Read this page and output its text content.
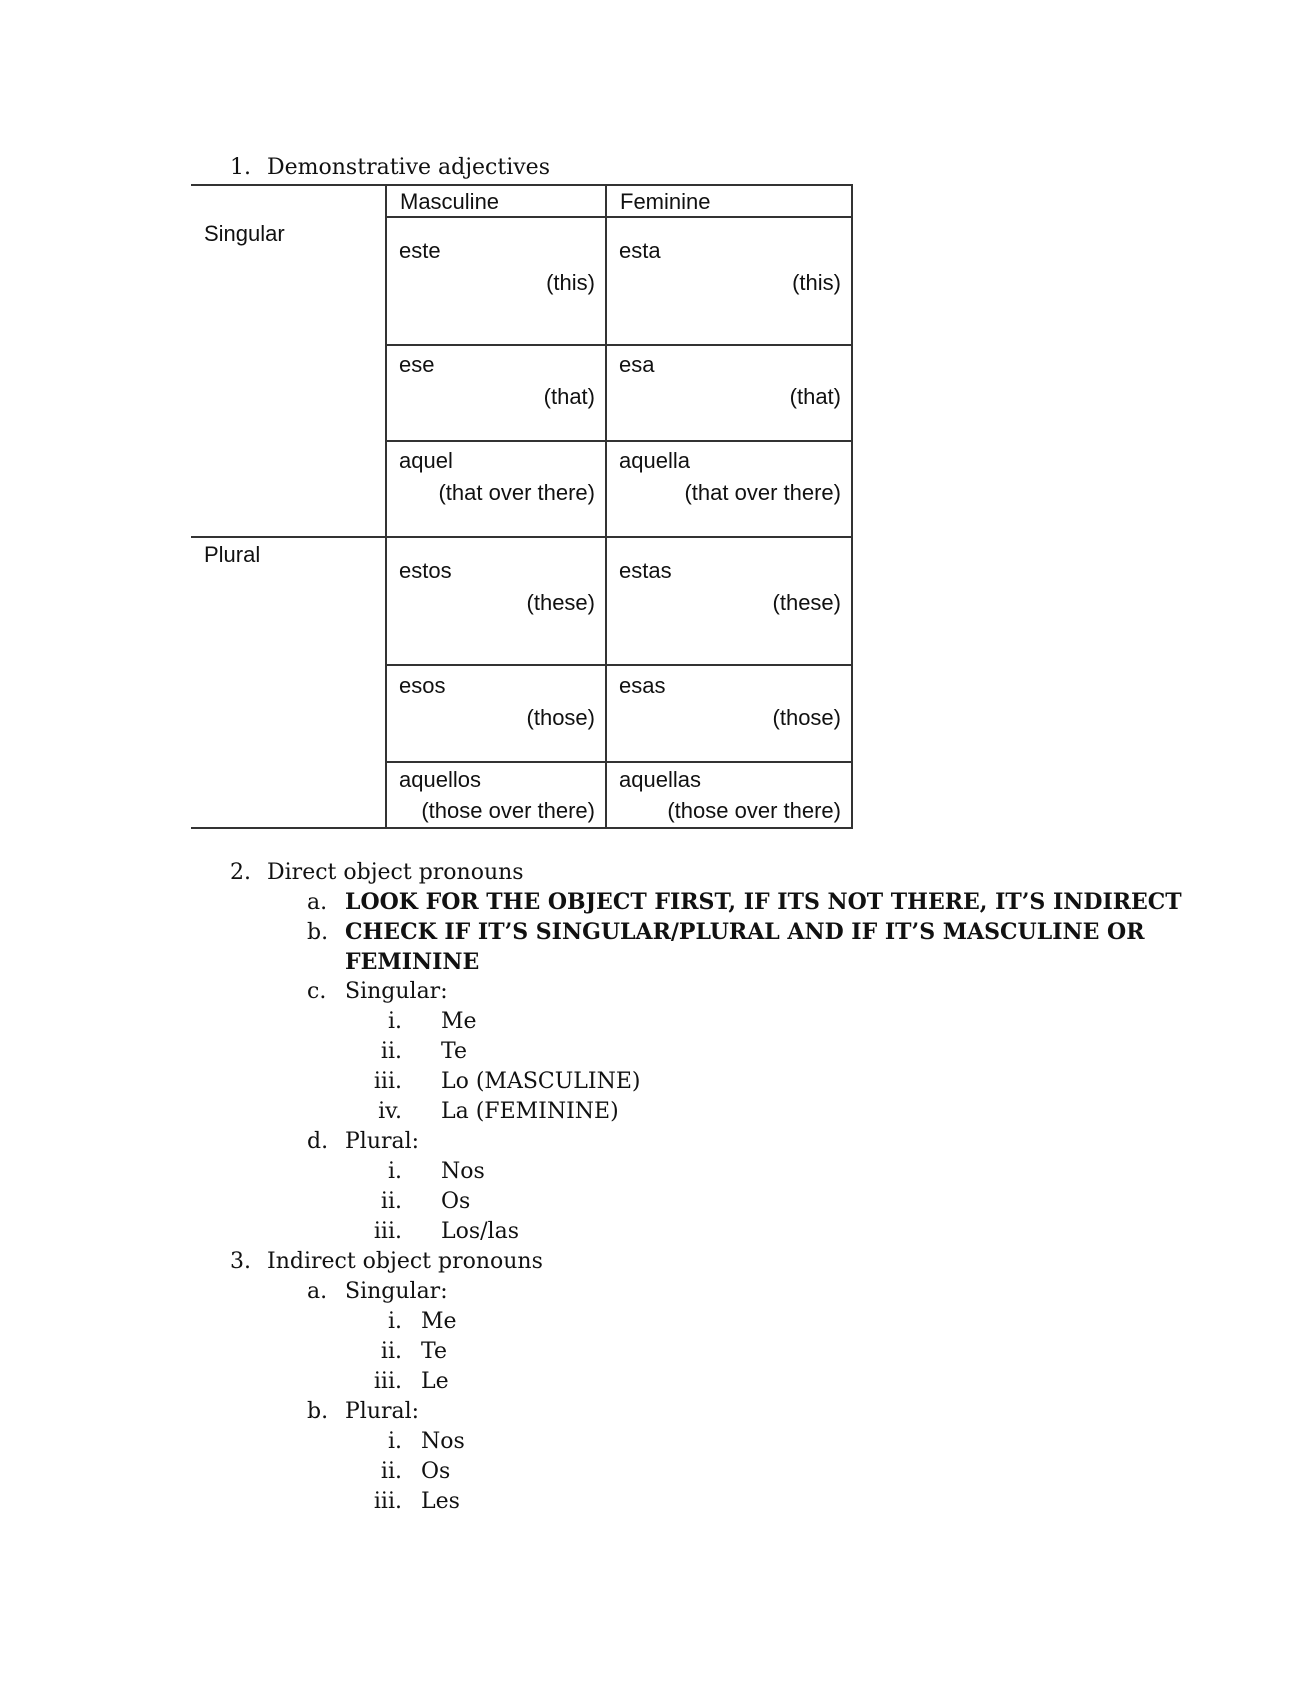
1. Demonstrative adjectives
Masculine	Feminine
Singular
Plural
este
(this)
esta
(this)
ese
(that)
esa
(that)
aquel
(that over there)
aquella
(that over there)
estos
(these)
estas
(these)
esos
(those)
esas
(those)
aquellos
(those over there)
aquellas
(those over there)
2. Direct object pronouns
a. LOOK FOR THE OBJECT FIRST, IF ITS NOT THERE, IT’S INDIRECT
b. CHECK IF IT’S SINGULAR/PLURAL AND IF IT’S MASCULINE OR
FEMININE
c. Singular:
i. Me
ii. Te
iii. Lo (MASCULINE)
iv. La (FEMININE)
d. Plural:
i. Nos
ii. Os
iii. Los/las
3. Indirect object pronouns
a. Singular:
i. Me
ii. Te
iii. Le
b. Plural:
i. Nos
ii. Os
iii. Les
